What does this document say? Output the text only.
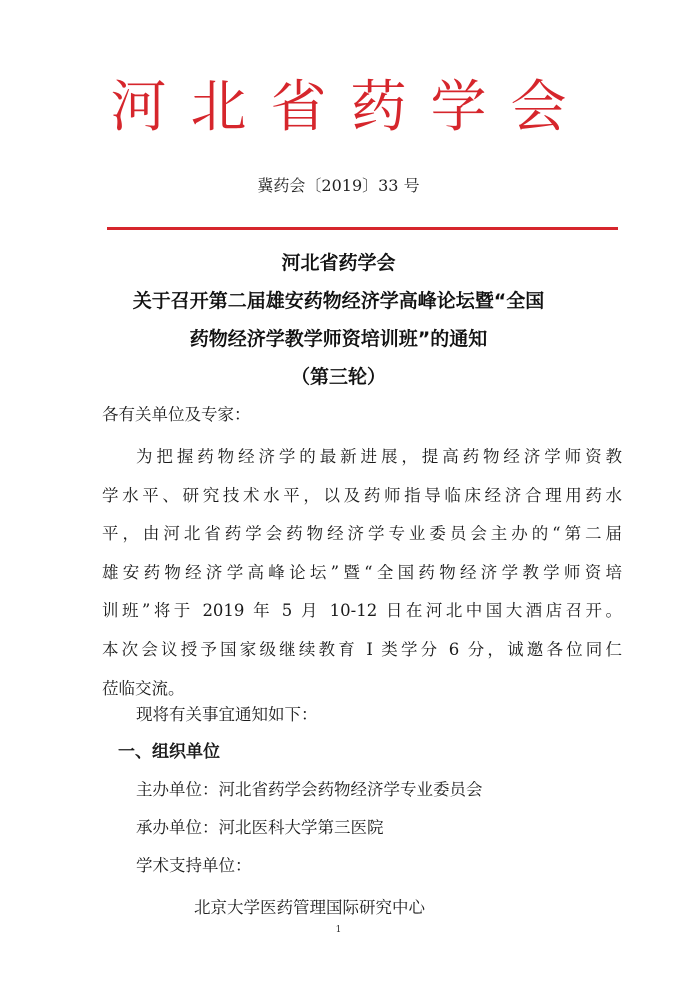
河北省药学会
冀药会〔2019〕33 号
河北省药学会
关于召开第二届雄安药物经济学高峰论坛暨“全国
药物经济学教学师资培训班”的通知
（第三轮）
各有关单位及专家：
为把握药物经济学的最新进展，提高药物经济学师资教
学水平、研究技术水平，以及药师指导临床经济合理用药水
平，由河北省药学会药物经济学专业委员会主办的“第二届
雄安药物经济学高峰论坛”暨“全国药物经济学教学师资培
训班”将于 2019 年 5 月 10-12 日在河北中国大酒店召开。
本次会议授予国家级继续教育 I 类学分 6 分，诚邀各位同仁
莅临交流。
现将有关事宜通知如下：
一、组织单位
主办单位：河北省药学会药物经济学专业委员会
承办单位：河北医科大学第三医院
学术支持单位：
北京大学医药管理国际研究中心
1
